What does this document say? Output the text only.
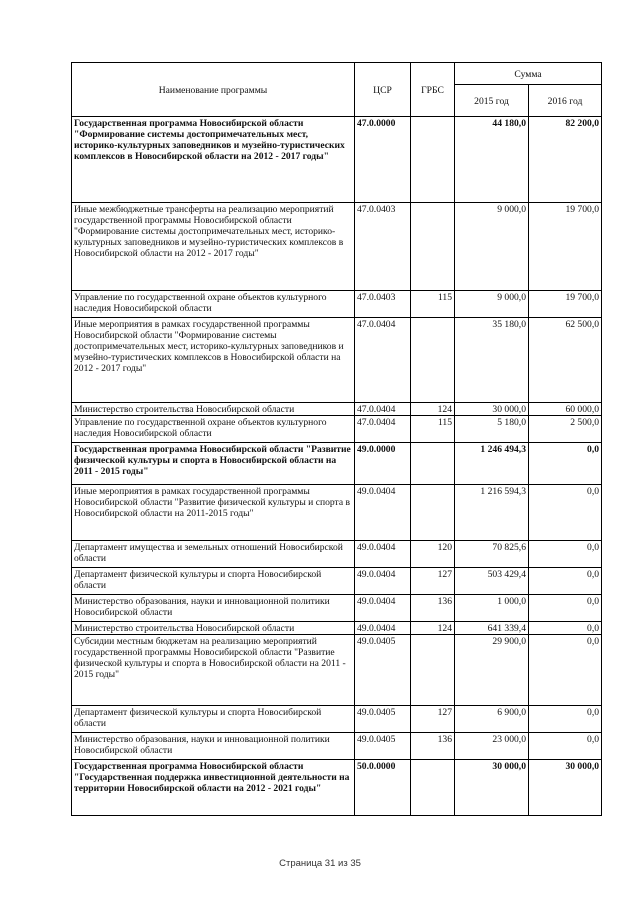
Наименование программы	ЦСР	ГРБС	Сумма	
			2015 год	2016 год
Государственная программа Новосибирской области "Формирование системы достопримечательных мест, историко-культурных заповедников и музейно-туристических комплексов в Новосибирской области на 2012 - 2017 годы"	47.0.0000		44 180,0	82 200,0
Иные межбюджетные трансферты на реализацию мероприятий государственной программы Новосибирской области "Формирование системы достопримечательных мест, историко-культурных заповедников и музейно-туристических комплексов в Новосибирской области на 2012 - 2017 годы"	47.0.0403		9 000,0	19 700,0
Управление по государственной охране объектов культурного наследия Новосибирской области	47.0.0403	115	9 000,0	19 700,0
Иные мероприятия в рамках государственной программы Новосибирской области "Формирование системы достопримечательных мест, историко-культурных заповедников и музейно-туристических комплексов в Новосибирской области на 2012 - 2017 годы"	47.0.0404		35 180,0	62 500,0
Министерство строительства Новосибирской области	47.0.0404	124	30 000,0	60 000,0
Управление по государственной охране объектов культурного наследия Новосибирской области	47.0.0404	115	5 180,0	2 500,0
Государственная программа Новосибирской области "Развитие физической культуры и спорта в Новосибирской области на 2011 - 2015 годы"	49.0.0000		1 246 494,3	0,0
Иные мероприятия в рамках государственной программы Новосибирской области "Развитие физической культуры и спорта в Новосибирской области на 2011-2015 годы"	49.0.0404		1 216 594,3	0,0
Департамент имущества и земельных отношений Новосибирской области	49.0.0404	120	70 825,6	0,0
Департамент физической культуры и спорта Новосибирской области	49.0.0404	127	503 429,4	0,0
Министерство образования, науки и инновационной политики Новосибирской области	49.0.0404	136	1 000,0	0,0
Министерство строительства Новосибирской области	49.0.0404	124	641 339,4	0,0
Субсидии местным бюджетам на реализацию мероприятий государственной программы Новосибирской области "Развитие физической культуры и спорта в Новосибирской области на 2011 - 2015 годы"	49.0.0405		29 900,0	0,0
Департамент физической культуры и спорта Новосибирской области	49.0.0405	127	6 900,0	0,0
Министерство образования, науки и инновационной политики Новосибирской области	49.0.0405	136	23 000,0	0,0
Государственная программа Новосибирской области "Государственная поддержка инвестиционной деятельности на территории Новосибирской области на 2012 - 2021 годы"	50.0.0000		30 000,0	30 000,0
Страница 31 из 35
